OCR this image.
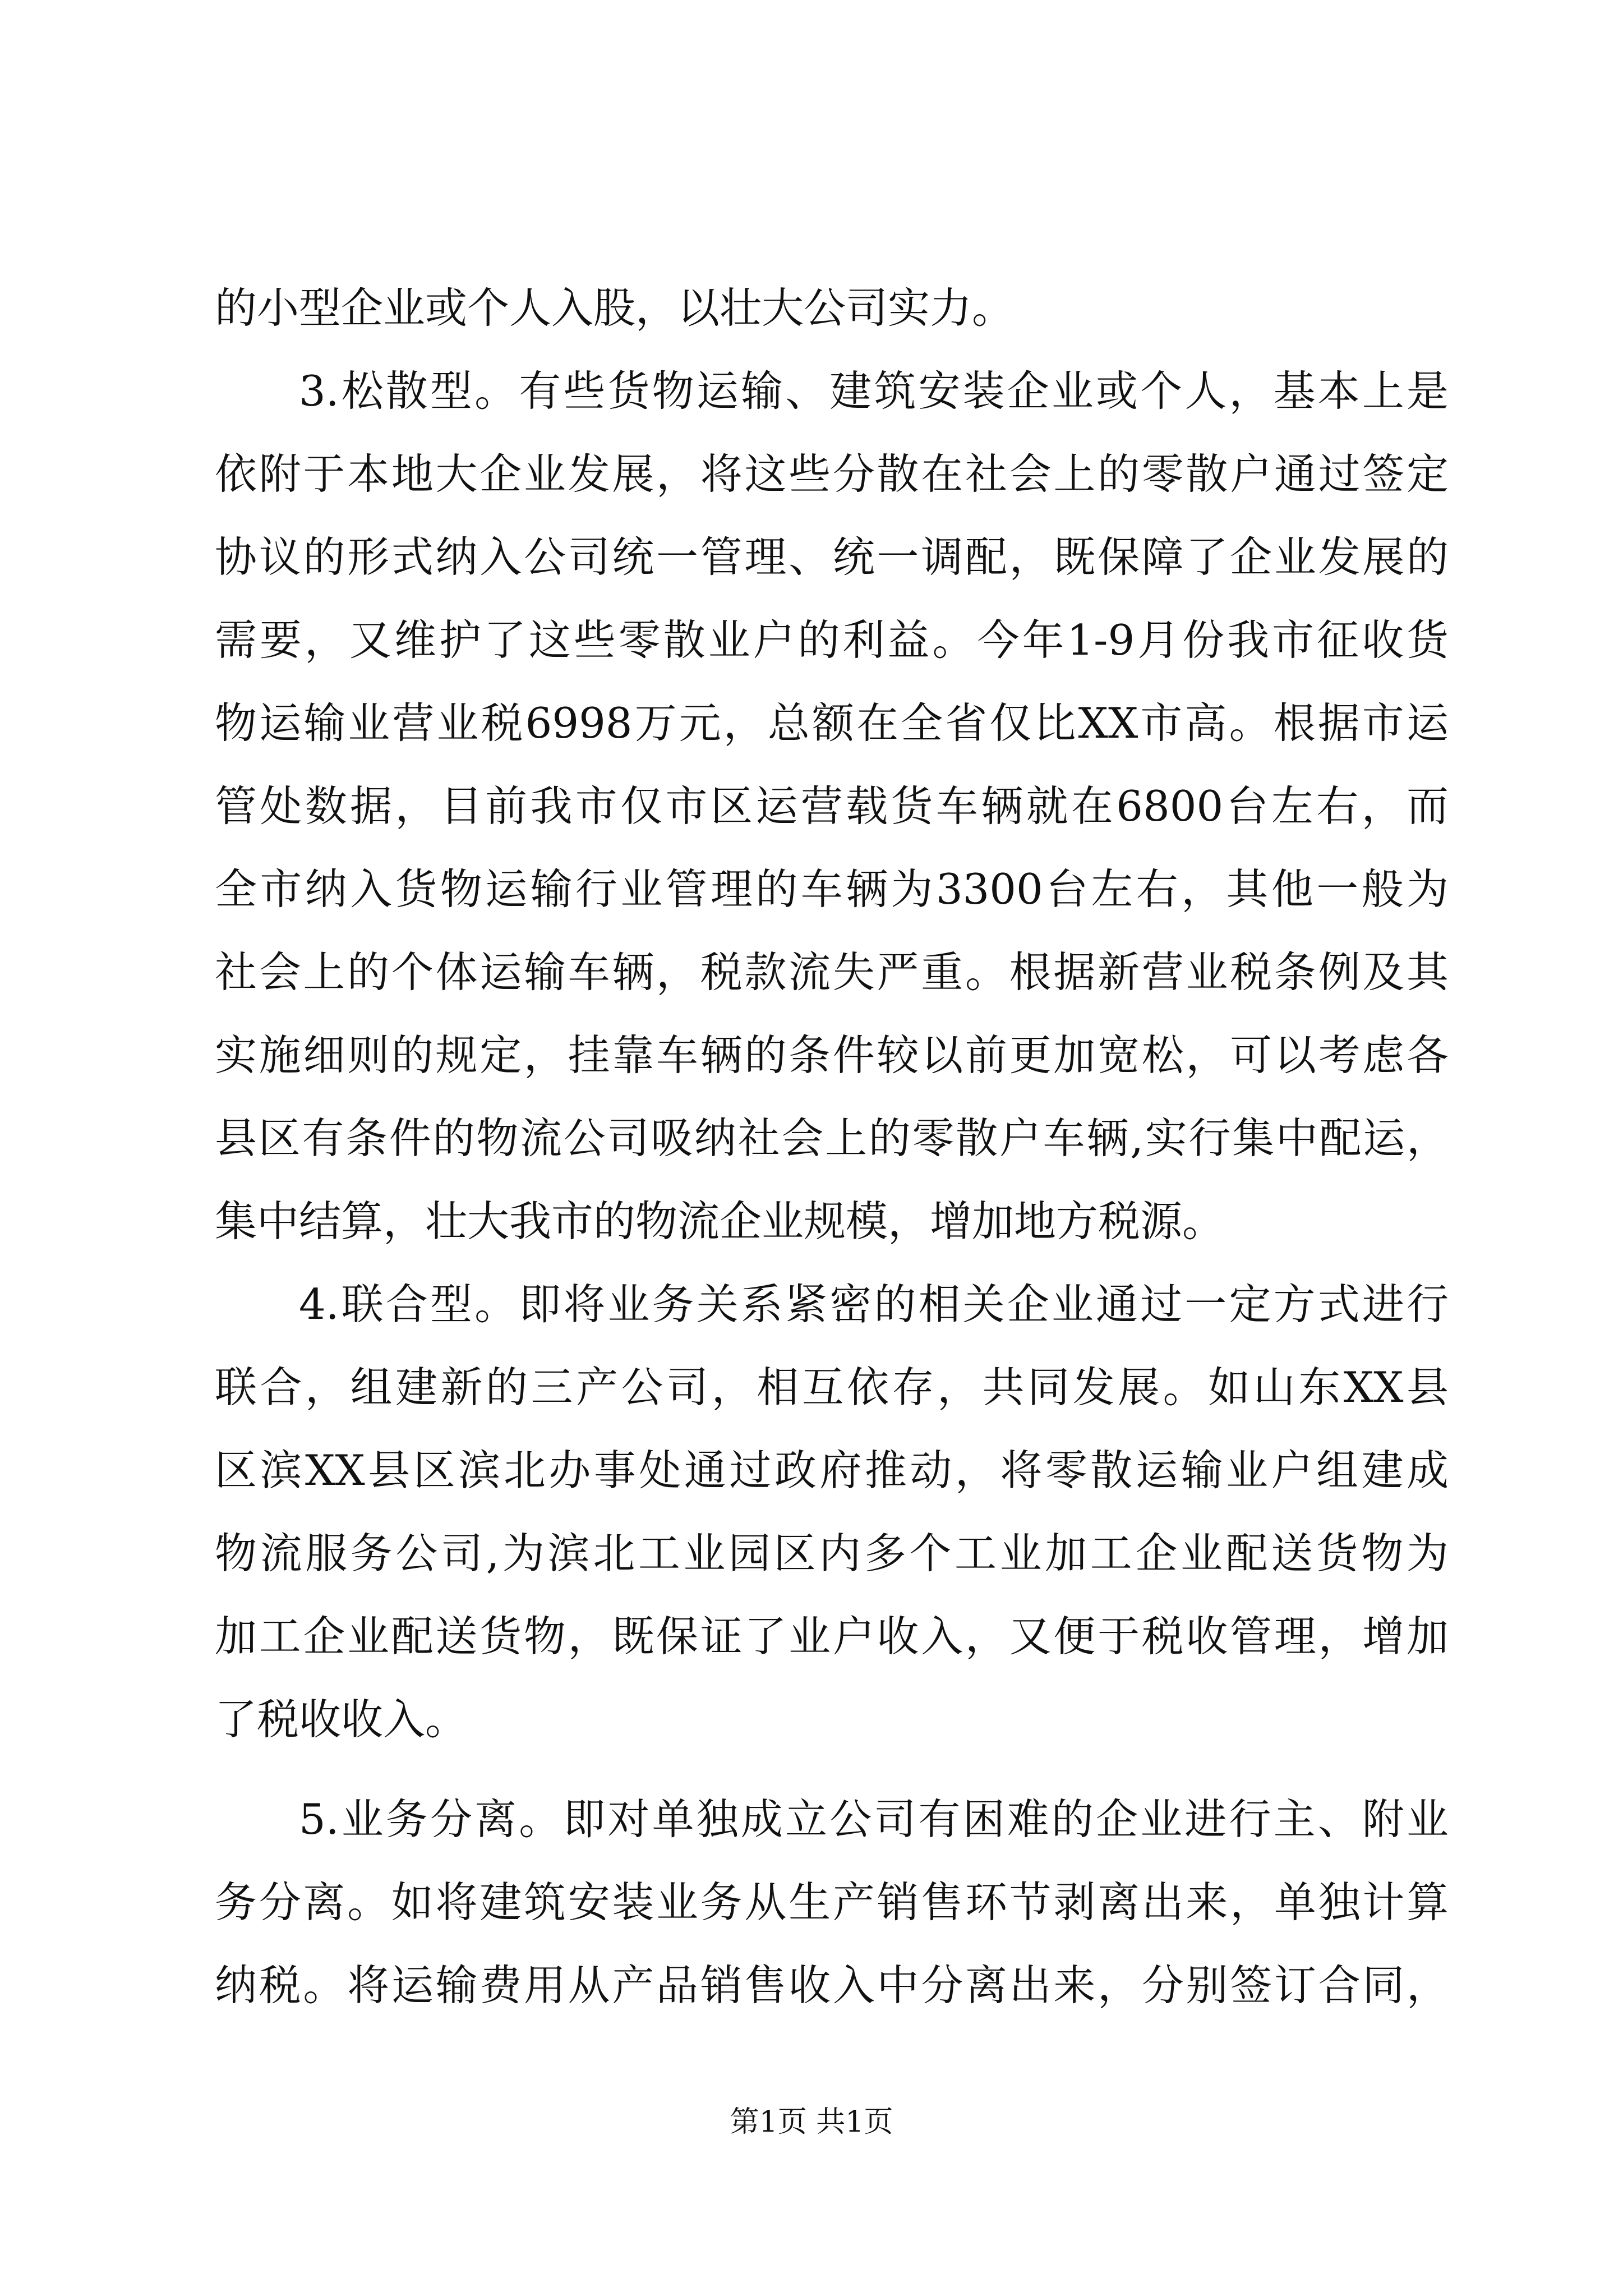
的小型企业或个人入股，以壮大公司实力。
3.松散型。有些货物运输、建筑安装企业或个人，基本上是
依附于本地大企业发展，将这些分散在社会上的零散户通过签定
协议的形式纳入公司统一管理、统一调配，既保障了企业发展的
需要，又维护了这些零散业户的利益。今年1-9月份我市征收货
物运输业营业税6998万元，总额在全省仅比XX市高。根据市运
管处数据，目前我市仅市区运营载货车辆就在6800台左右，而
全市纳入货物运输行业管理的车辆为3300台左右，其他一般为
社会上的个体运输车辆，税款流失严重。根据新营业税条例及其
实施细则的规定，挂靠车辆的条件较以前更加宽松，可以考虑各
县区有条件的物流公司吸纳社会上的零散户车辆,实行集中配运，
集中结算，壮大我市的物流企业规模，增加地方税源。
4.联合型。即将业务关系紧密的相关企业通过一定方式进行
联合，组建新的三产公司，相互依存，共同发展。如山东XX县
区滨XX县区滨北办事处通过政府推动，将零散运输业户组建成
物流服务公司,为滨北工业园区内多个工业加工企业配送货物为
加工企业配送货物，既保证了业户收入，又便于税收管理，增加
了税收收入。
5.业务分离。即对单独成立公司有困难的企业进行主、附业
务分离。如将建筑安装业务从生产销售环节剥离出来，单独计算
纳税。将运输费用从产品销售收入中分离出来，分别签订合同，
第1页 共1页
